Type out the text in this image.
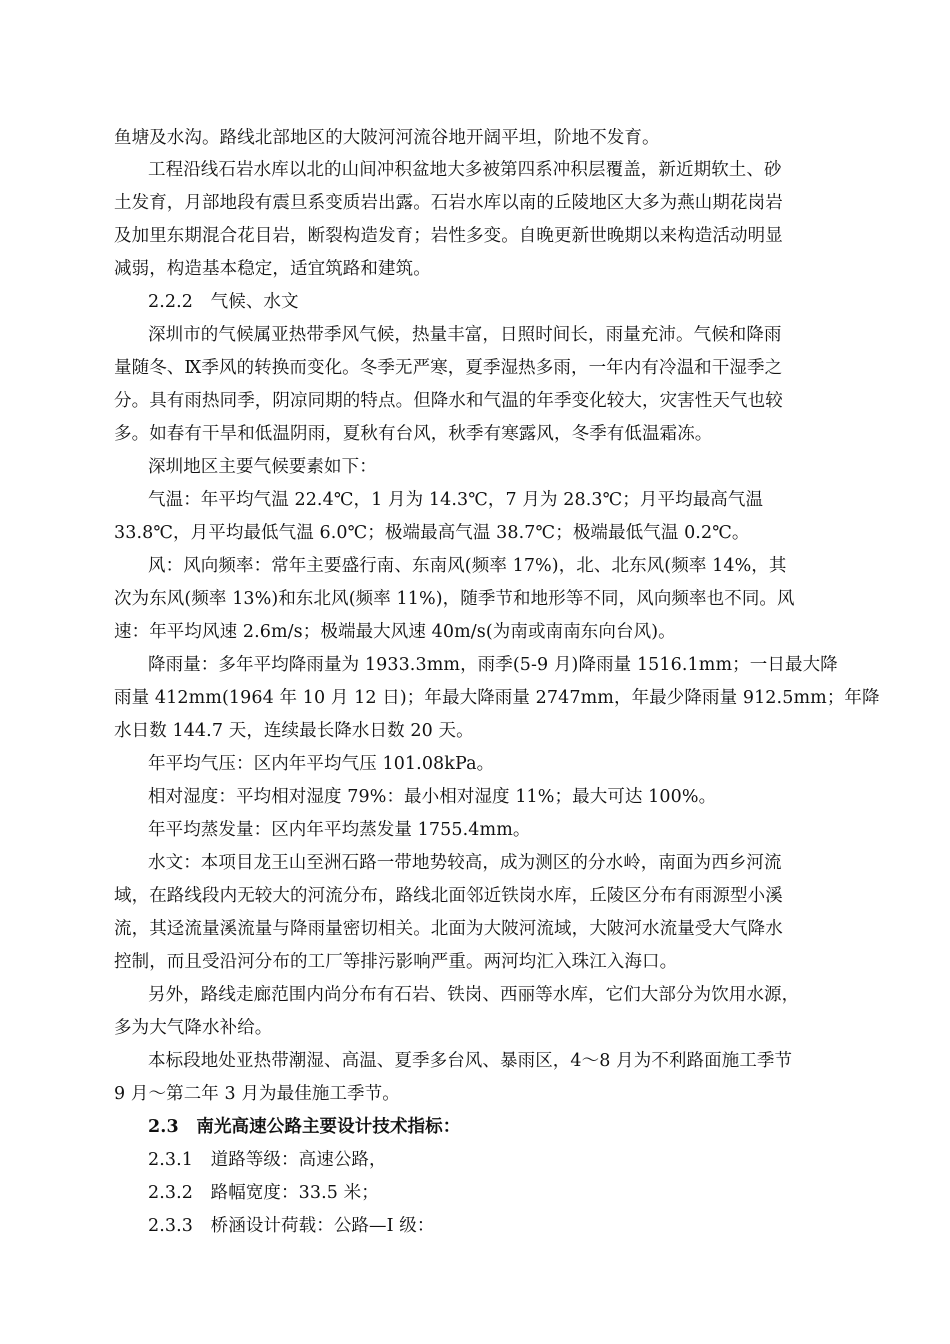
鱼塘及水沟。路线北部地区的大陂河河流谷地开阔平坦，阶地不发育。
工程沿线石岩水库以北的山间冲积盆地大多被第四系冲积层覆盖，新近期软土、砂
土发育，月部地段有震旦系变质岩出露。石岩水库以南的丘陵地区大多为燕山期花岗岩
及加里东期混合花目岩，断裂构造发育；岩性多变。自晚更新世晚期以来构造活动明显
减弱，构造基本稳定，适宜筑路和建筑。
2.2.2　气候、水文
深圳市的气候属亚热带季风气候，热量丰富，日照时间长，雨量充沛。气候和降雨
量随冬、Ⅸ季风的转换而变化。冬季无严寒，夏季湿热多雨，一年内有冷温和干湿季之
分。具有雨热同季，阴凉同期的特点。但降水和气温的年季变化较大，灾害性天气也较
多。如春有干旱和低温阴雨，夏秋有台风，秋季有寒露风，冬季有低温霜冻。
深圳地区主要气候要素如下：
气温：年平均气温 22.4℃，1 月为 14.3℃，7 月为 28.3℃；月平均最高气温
33.8℃，月平均最低气温 6.0℃；极端最高气温 38.7℃；极端最低气温 0.2℃。
风：风向频率：常年主要盛行南、东南风(频率 17%)，北、北东风(频率 14%，其
次为东风(频率 13%)和东北风(频率 11%)，随季节和地形等不同，风向频率也不同。风
速：年平均风速 2.6m/s；极端最大风速 40m/s(为南或南南东向台风)。
降雨量：多年平均降雨量为 1933.3mm，雨季(5-9 月)降雨量 1516.1mm；一日最大降
雨量 412mm(1964 年 10 月 12 日)；年最大降雨量 2747mm，年最少降雨量 912.5mm；年降
水日数 144.7 天，连续最长降水日数 20 天。
年平均气压：区内年平均气压 101.08kPa。
相对湿度：平均相对湿度 79%：最小相对湿度 11%；最大可达 100%。
年平均蒸发量：区内年平均蒸发量 1755.4mm。
水文：本项目龙王山至洲石路一带地势较高，成为测区的分水岭，南面为西乡河流
域，在路线段内无较大的河流分布，路线北面邻近铁岗水库，丘陵区分布有雨源型小溪
流，其迳流量溪流量与降雨量密切相关。北面为大陂河流域，大陂河水流量受大气降水
控制，而且受沿河分布的工厂等排污影响严重。两河均汇入珠江入海口。
另外，路线走廊范围内尚分布有石岩、铁岗、西丽等水库，它们大部分为饮用水源，
多为大气降水补给。
本标段地处亚热带潮湿、高温、夏季多台风、暴雨区，4～8 月为不利路面施工季节
9 月～第二年 3 月为最佳施工季节。
2.3　南光高速公路主要设计技术指标：
2.3.1　道路等级：高速公路，
2.3.2　路幅宽度：33.5 米；
2.3.3　桥涵设计荷载：公路—I 级：
